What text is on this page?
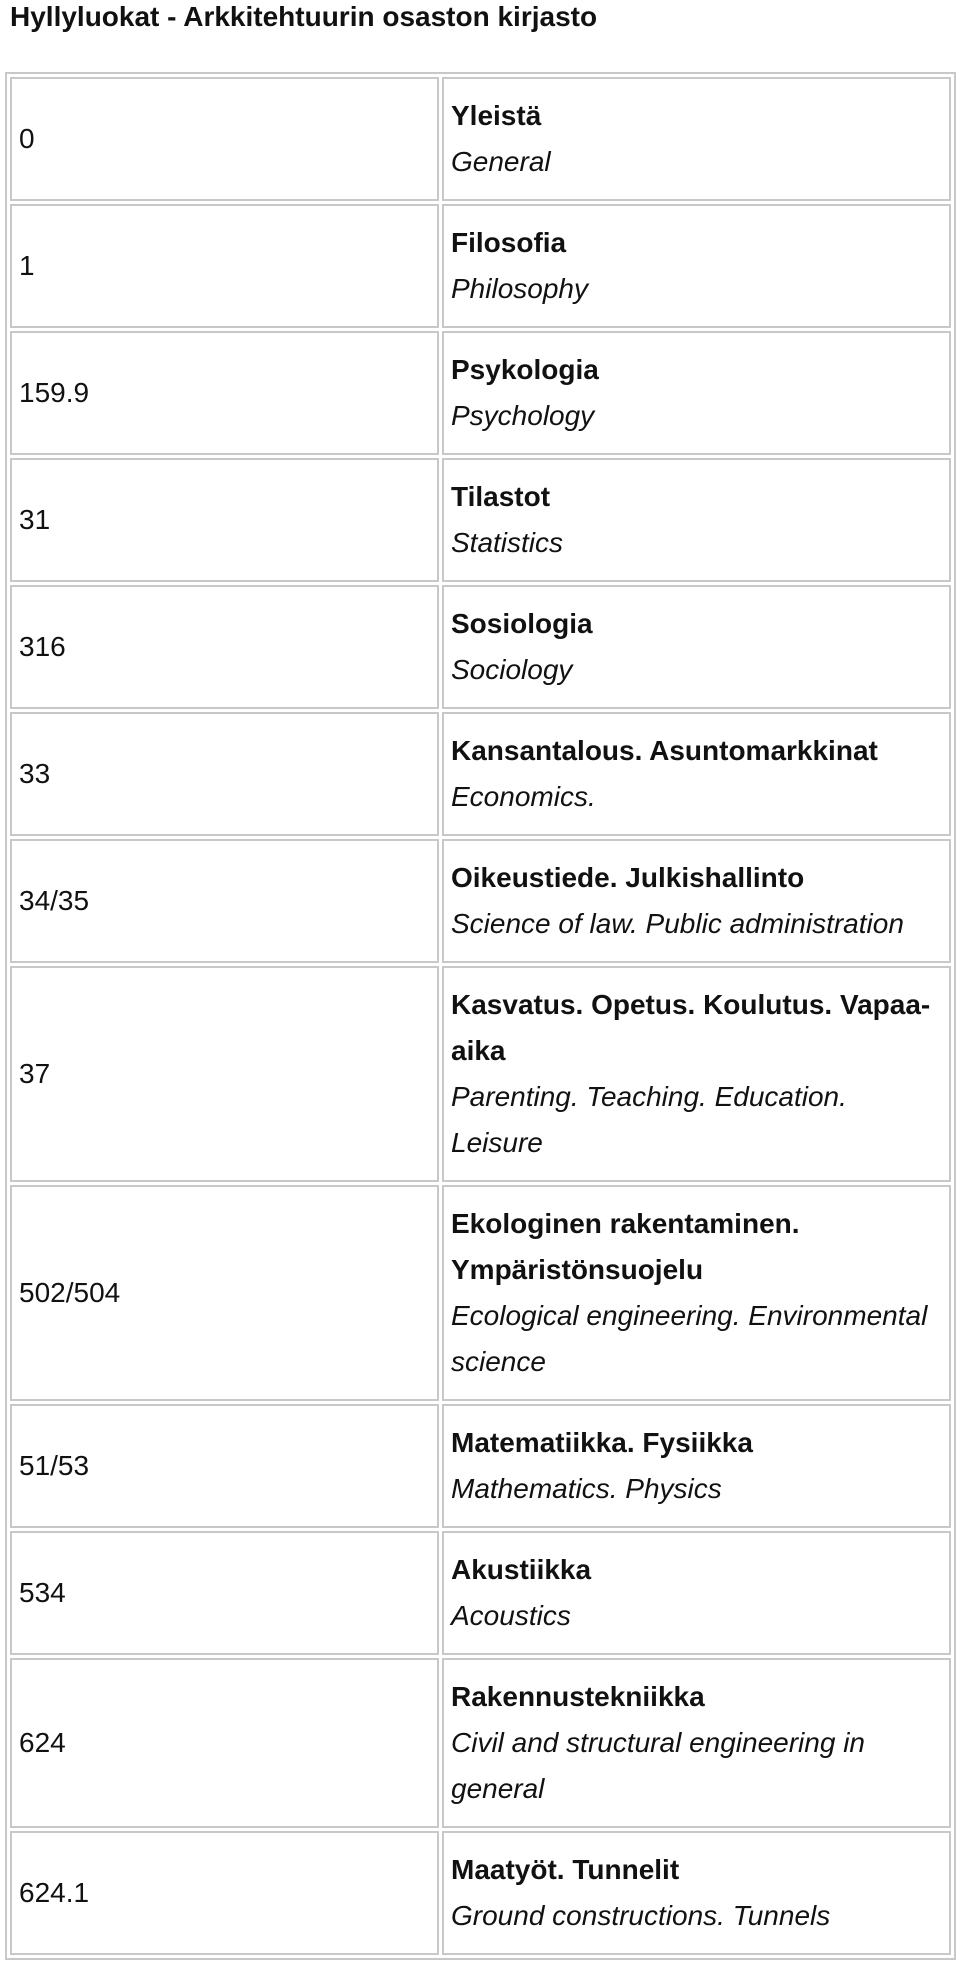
Hyllyluokat - Arkkitehtuurin osaston kirjasto
0	Yleistä
General

1	Filosofia
Philosophy

159.9	Psykologia
Psychology

31	Tilastot
Statistics

316	Sosiologia
Sociology

33	Kansantalous. Asuntomarkkinat
Economics.

34/35	Oikeustiede. Julkishallinto
Science of law. Public administration

37	Kasvatus. Opetus. Koulutus. Vapaa-aika
Parenting. Teaching. Education. Leisure

502/504	Ekologinen rakentaminen. Ympäristönsuojelu
Ecological engineering. Environmental science

51/53	Matematiikka. Fysiikka
Mathematics. Physics

534	Akustiikka
Acoustics

624	Rakennustekniikka
Civil and structural engineering in general

624.1	Maatyöt. Tunnelit
Ground constructions. Tunnels
